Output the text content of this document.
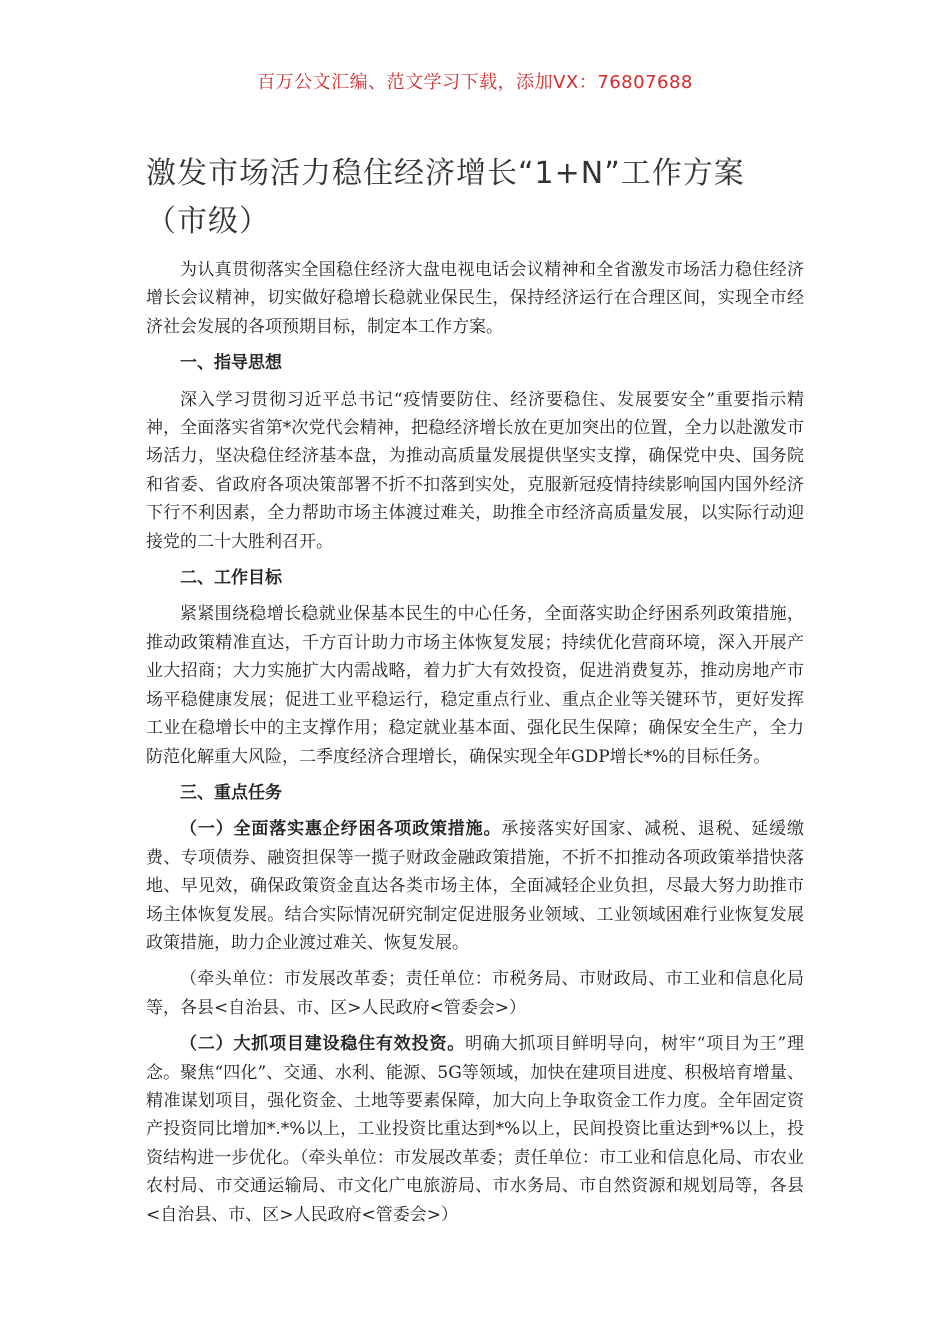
百万公文汇编、范文学习下载，添加VX：76807688
激发市场活力稳住经济增长“1+N”工作方案（市级）

为认真贯彻落实全国稳住经济大盘电视电话会议精神和全省激发市场活力稳住经济增长会议精神，切实做好稳增长稳就业保民生，保持经济运行在合理区间，实现全市经济社会发展的各项预期目标，制定本工作方案。

一、指导思想

深入学习贯彻习近平总书记“疫情要防住、经济要稳住、发展要安全”重要指示精神，全面落实省第*次党代会精神，把稳经济增长放在更加突出的位置，全力以赴激发市场活力，坚决稳住经济基本盘，为推动高质量发展提供坚实支撑，确保党中央、国务院和省委、省政府各项决策部署不折不扣落到实处，克服新冠疫情持续影响国内国外经济下行不利因素，全力帮助市场主体渡过难关，助推全市经济高质量发展，以实际行动迎接党的二十大胜利召开。

二、工作目标

紧紧围绕稳增长稳就业保基本民生的中心任务，全面落实助企纾困系列政策措施，推动政策精准直达，千方百计助力市场主体恢复发展；持续优化营商环境，深入开展产业大招商；大力实施扩大内需战略，着力扩大有效投资，促进消费复苏，推动房地产市场平稳健康发展；促进工业平稳运行，稳定重点行业、重点企业等关键环节，更好发挥工业在稳增长中的主支撑作用；稳定就业基本面、强化民生保障；确保安全生产，全力防范化解重大风险，二季度经济合理增长，确保实现全年GDP增长*%的目标任务。

三、重点任务

（一）全面落实惠企纾困各项政策措施。承接落实好国家、减税、退税、延缓缴费、专项债券、融资担保等一揽子财政金融政策措施，不折不扣推动各项政策举措快落地、早见效，确保政策资金直达各类市场主体，全面减轻企业负担，尽最大努力助推市场主体恢复发展。结合实际情况研究制定促进服务业领域、工业领域困难行业恢复发展政策措施，助力企业渡过难关、恢复发展。

（牵头单位：市发展改革委；责任单位：市税务局、市财政局、市工业和信息化局等，各县<自治县、市、区>人民政府<管委会>）

（二）大抓项目建设稳住有效投资。明确大抓项目鲜明导向，树牢“项目为王”理念。聚焦“四化”、交通、水利、能源、5G等领域，加快在建项目进度、积极培育增量、精准谋划项目，强化资金、土地等要素保障，加大向上争取资金工作力度。全年固定资产投资同比增加*.*%以上，工业投资比重达到*%以上，民间投资比重达到*%以上，投资结构进一步优化。（牵头单位：市发展改革委；责任单位：市工业和信息化局、市农业农村局、市交通运输局、市文化广电旅游局、市水务局、市自然资源和规划局等，各县<自治县、市、区>人民政府<管委会>）
